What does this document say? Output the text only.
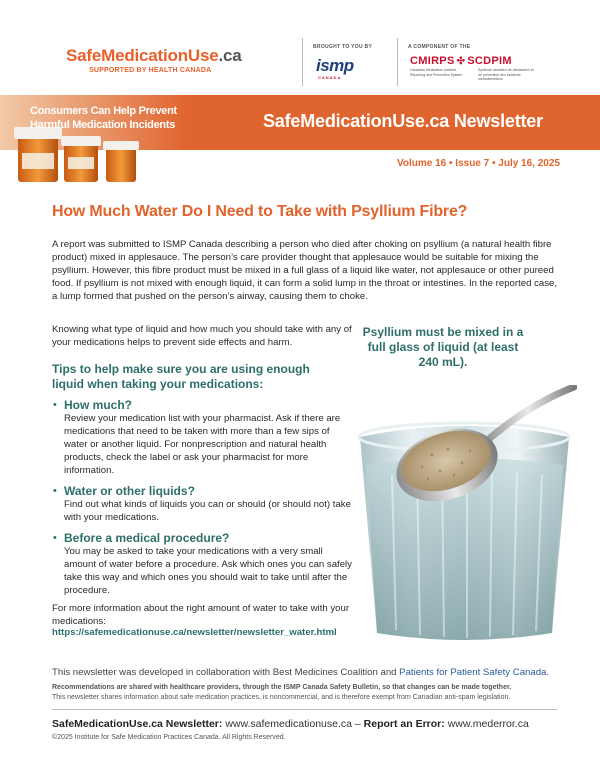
SafeMedicationUse.ca
SUPPORTED BY HEALTH CANADA
BROUGHT TO YOU BY
ismp
CANADA
A COMPONENT OF THE
CMIRPS ✣ SCDPIM
Canadian Medication Incident Reporting and Prevention System
Système canadien de déclaration et de prévention des incidents médicamenteux
Consumers Can Help Prevent Harmful Medication Incidents	SafeMedicationUse.ca Newsletter
Volume 16 • Issue 7 • July 16, 2025
How Much Water Do I Need to Take with Psyllium Fibre?

A report was submitted to ISMP Canada describing a person who died after choking on psyllium (a natural health fibre product) mixed in applesauce. The person’s care provider thought that applesauce would be suitable for mixing the psyllium. However, this fibre product must be mixed in a full glass of a liquid like water, not applesauce or other pureed food. If psyllium is not mixed with enough liquid, it can form a solid lump in the throat or intestines. In the reported case, a lump formed that pushed on the person’s airway, causing them to choke.

Knowing what type of liquid and how much you should take with any of your medications helps to prevent side effects and harm.

Tips to help make sure you are using enough liquid when taking your medications:
• How much?
Review your medication list with your pharmacist. Ask if there are medications that need to be taken with more than a few sips of water or another liquid. For nonprescription and natural health products, check the label or ask your pharmacist for more information.
• Water or other liquids?
Find out what kinds of liquids you can or should (or should not) take with your medications.
• Before a medical procedure?
You may be asked to take your medications with a very small amount of water before a procedure. Ask which ones you can safely take this way and which ones you should wait to take until after the procedure.

For more information about the right amount of water to take with your medications:

https://safemedicationuse.ca/newsletter/newsletter_water.html
Psyllium must be mixed in a full glass of liquid (at least 240 mL).

This newsletter was developed in collaboration with Best Medicines Coalition and Patients for Patient Safety Canada.

Recommendations are shared with healthcare providers, through the ISMP Canada Safety Bulletin, so that changes can be made together.

This newsletter shares information about safe medication practices, is noncommercial, and is therefore exempt from Canadian anti-spam legislation.

SafeMedicationUse.ca Newsletter: www.safemedicationuse.ca – Report an Error: www.mederror.ca

©2025 Institute for Safe Medication Practices Canada. All Rights Reserved.
